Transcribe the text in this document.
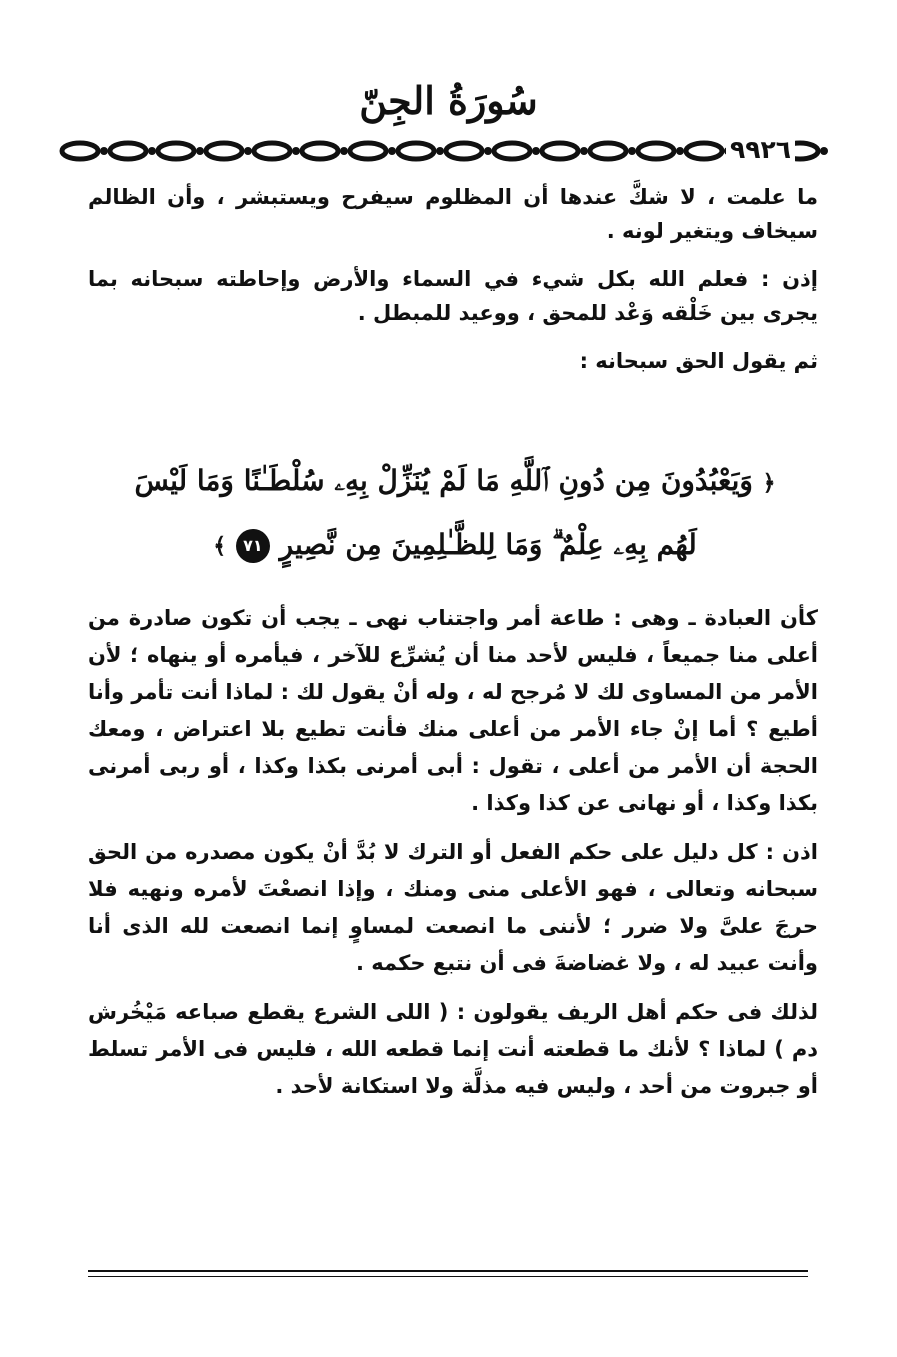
سُورَةُ الجِنّ
٩٩٢٦

ما علمت ، لا شكَّ عندها أن المظلوم سيفرح ويستبشر ، وأن الظالم سيخاف ويتغير لونه .

إذن : فعلم الله بكل شيء في السماء والأرض وإحاطته سبحانه بما يجرى بين خَلْقه وَعْد للمحق ، ووعيد للمبطل .

ثم يقول الحق سبحانه :

﴿ وَيَعْبُدُونَ مِن دُونِ ٱللَّهِ مَا لَمْ يُنَزِّلْ بِهِۦ سُلْطَـٰنًا وَمَا لَيْسَ
لَهُم بِهِۦ عِلْمٌ ۗ وَمَا لِلظَّـٰلِمِينَ مِن نَّصِيرٍ ٧١ ﴾

كأن العبادة ـ وهى : طاعة أمر واجتناب نهى ـ يجب أن تكون صادرة من أعلى منا جميعاً ، فليس لأحد منا أن يُشرِّع للآخر ، فيأمره أو ينهاه ؛ لأن الأمر من المساوى لك لا مُرجح له ، وله أنْ يقول لك : لماذا أنت تأمر وأنا أطيع ؟ أما إنْ جاء الأمر من أعلى منك فأنت تطيع بلا اعتراض ، ومعك الحجة أن الأمر من أعلى ، تقول : أبى أمرنى بكذا وكذا ، أو ربى أمرنى بكذا وكذا ، أو نهانى عن كذا وكذا .

اذن : كل دليل على حكم الفعل أو الترك لا بُدَّ أنْ يكون مصدره من الحق سبحانه وتعالى ، فهو الأعلى منى ومنك ، وإذا انصعْتَ لأمره ونهيه فلا حرجَ علىَّ ولا ضرر ؛ لأننى ما انصعت لمساوٍ إنما انصعت لله الذى أنا وأنت عبيد له ، ولا غضاضةَ فى أن نتبع حكمه .

لذلك فى حكم أهل الريف يقولون : ( اللى الشرع يقطع صباعه مَيْخُرش دم ) لماذا ؟ لأنك ما قطعته أنت إنما قطعه الله ، فليس فى الأمر تسلط أو جبروت من أحد ، وليس فيه مذلَّة ولا استكانة لأحد .
